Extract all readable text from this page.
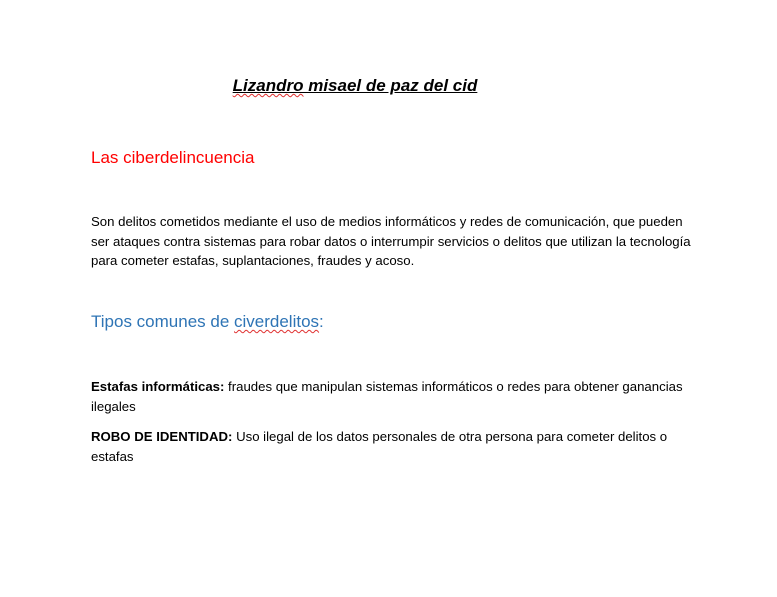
Lizandro misael de paz del cid
Las ciberdelincuencia
Son delitos cometidos mediante el uso de medios informáticos y redes de comunicación, que pueden ser ataques contra sistemas para robar datos o interrumpir servicios o delitos que utilizan la tecnología para cometer estafas, suplantaciones, fraudes y acoso.
Tipos comunes de civerdelitos:
Estafas informáticas: fraudes que manipulan sistemas informáticos o redes para obtener ganancias ilegales
ROBO DE IDENTIDAD: Uso ilegal de los datos personales de otra persona para cometer delitos o estafas
